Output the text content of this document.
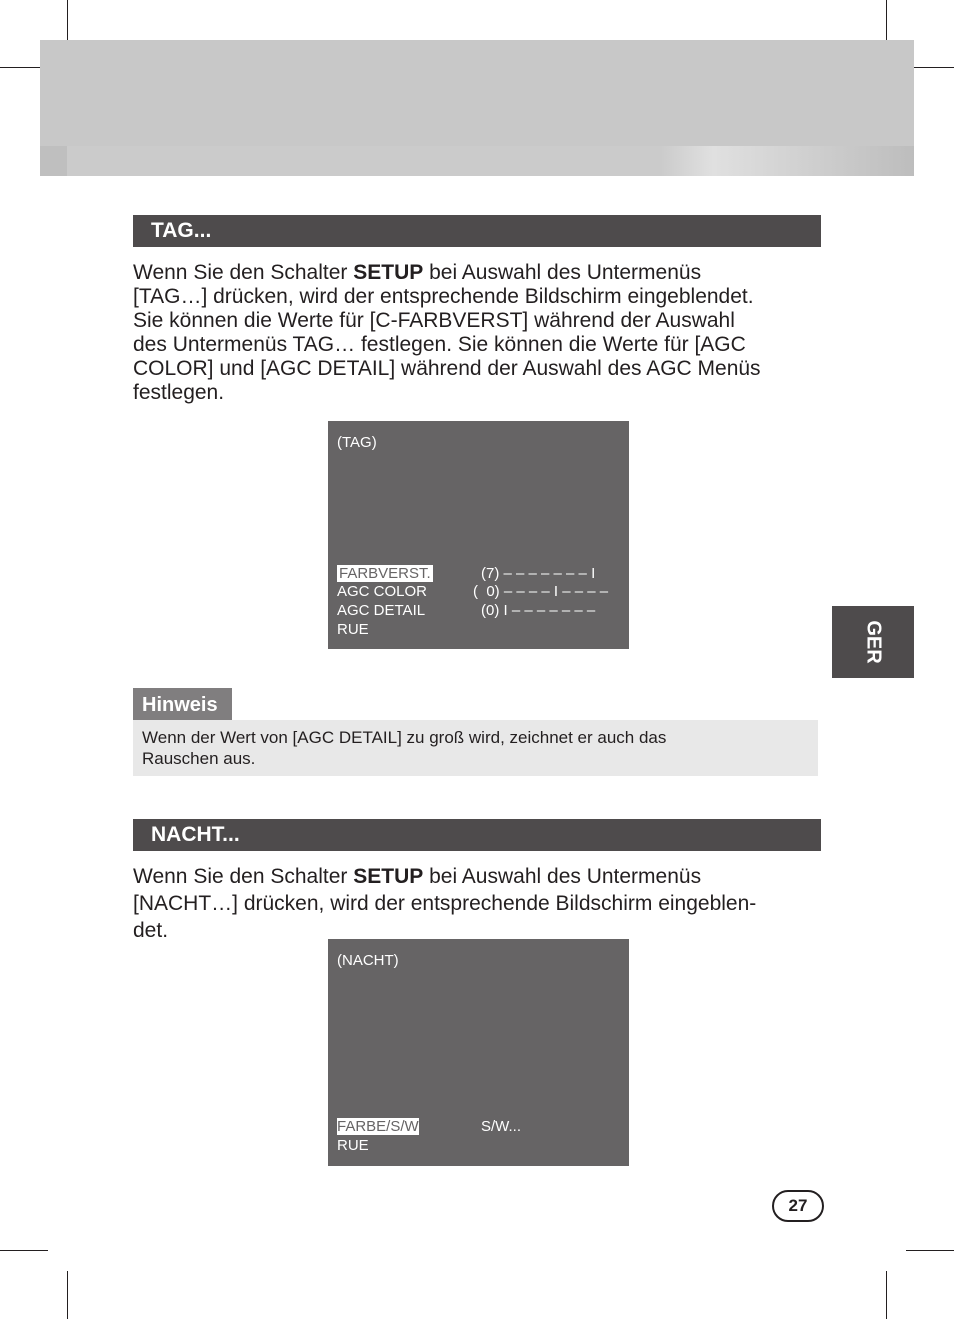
TAG...
Wenn Sie den Schalter SETUP bei Auswahl des Untermenüs
[TAG…] drücken, wird der entsprechende Bildschirm eingeblendet.
Sie können die Werte für [C-FARBVERST] während der Auswahl
des Untermenüs TAG… festlegen. Sie können die Werte für [AGC
COLOR] und [AGC DETAIL] während der Auswahl des AGC Menüs
festlegen.
(TAG)
FARBVERST.	(7) – – – – – – – I
AGC COLOR	(  0) – – – – I – – – –
AGC DETAIL	(0) I – – – – – – –
RUE
Hinweis
Wenn der Wert von [AGC DETAIL] zu groß wird, zeichnet er auch das
Rauschen aus.
GER
NACHT...
Wenn Sie den Schalter SETUP bei Auswahl des Untermenüs
[NACHT…] drücken, wird der entsprechende Bildschirm eingeblen-
det.
(NACHT)
FARBE/S/W	S/W...
RUE
27
